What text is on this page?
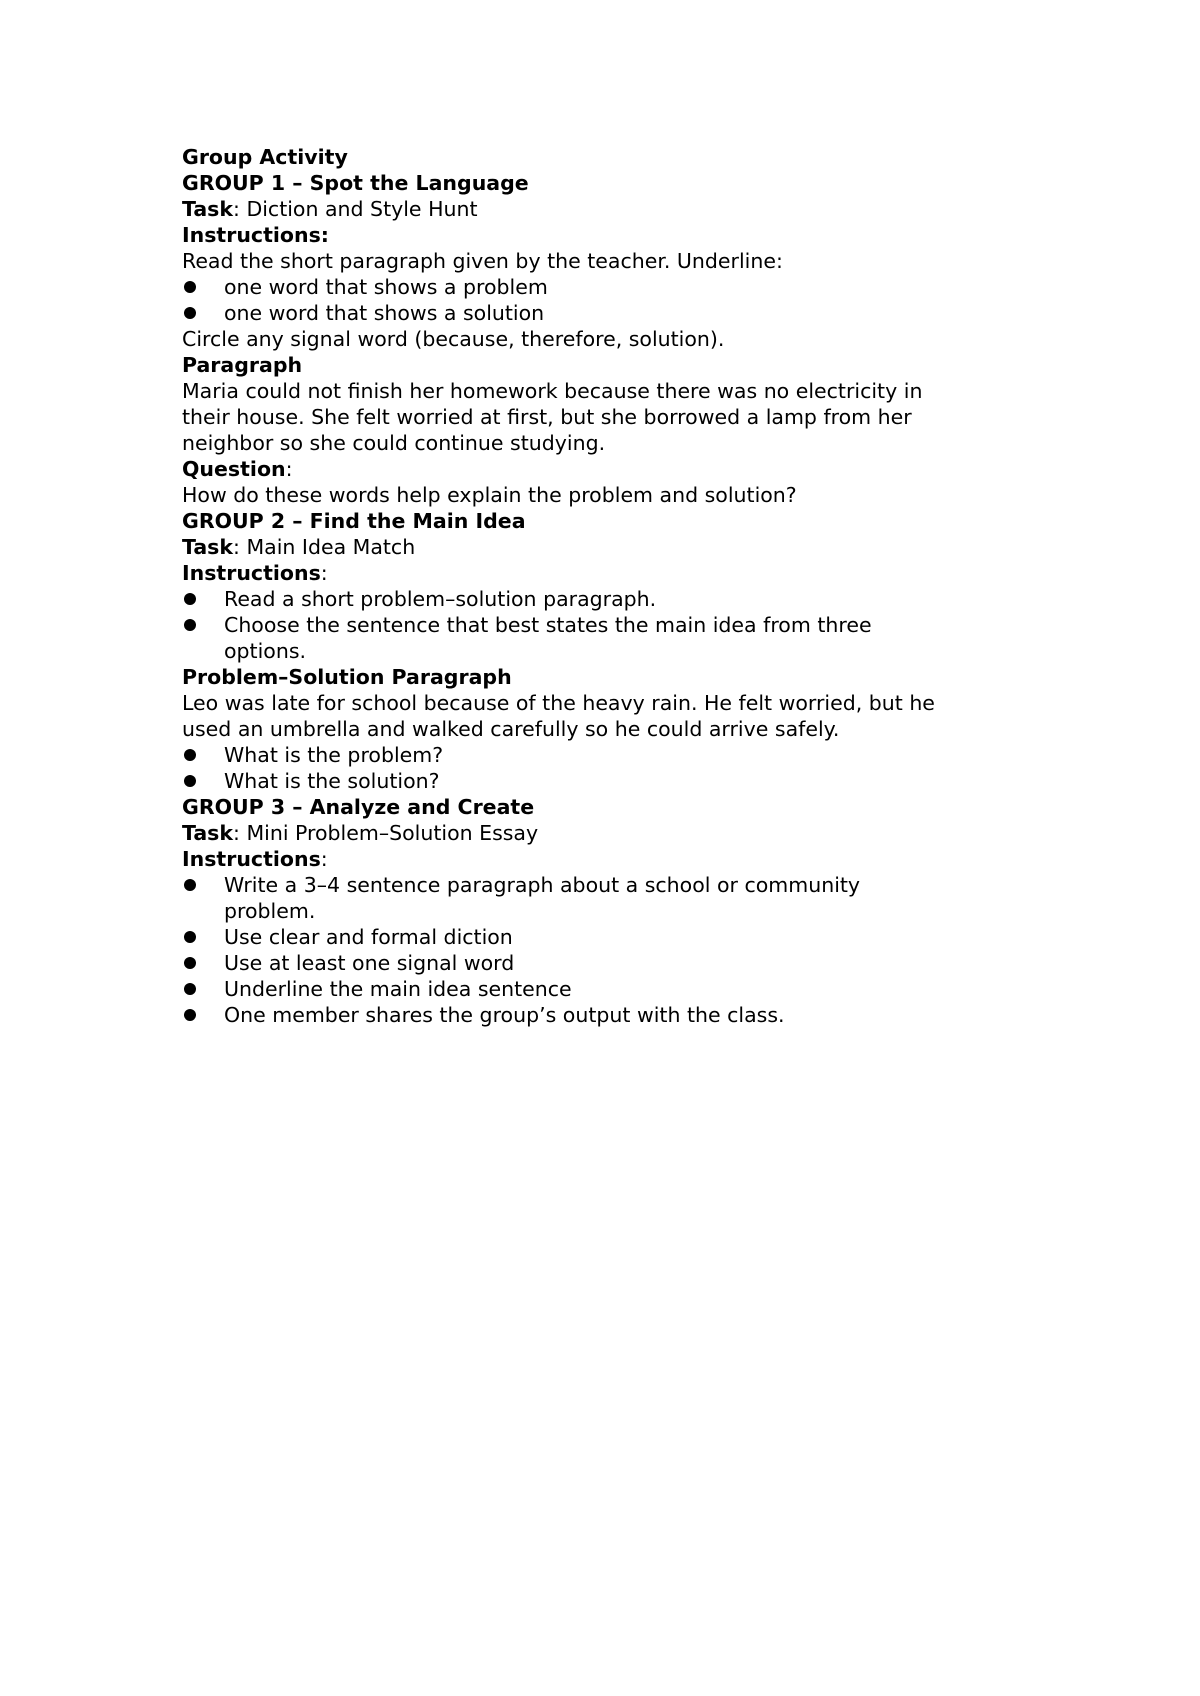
Group Activity
GROUP 1 – Spot the Language
Task: Diction and Style Hunt
Instructions:
Read the short paragraph given by the teacher. Underline:
one word that shows a problem
one word that shows a solution
Circle any signal word (because, therefore, solution).
Paragraph
Maria could not finish her homework because there was no electricity in
their house. She felt worried at first, but she borrowed a lamp from her
neighbor so she could continue studying.
Question:
How do these words help explain the problem and solution?
GROUP 2 – Find the Main Idea
Task: Main Idea Match
Instructions:
Read a short problem–solution paragraph.
Choose the sentence that best states the main idea from three options.
Problem–Solution Paragraph
Leo was late for school because of the heavy rain. He felt worried, but he
used an umbrella and walked carefully so he could arrive safely.
What is the problem?
What is the solution?
GROUP 3 – Analyze and Create
Task: Mini Problem–Solution Essay
Instructions:
Write a 3–4 sentence paragraph about a school or community problem.
Use clear and formal diction
Use at least one signal word
Underline the main idea sentence
One member shares the group’s output with the class.
